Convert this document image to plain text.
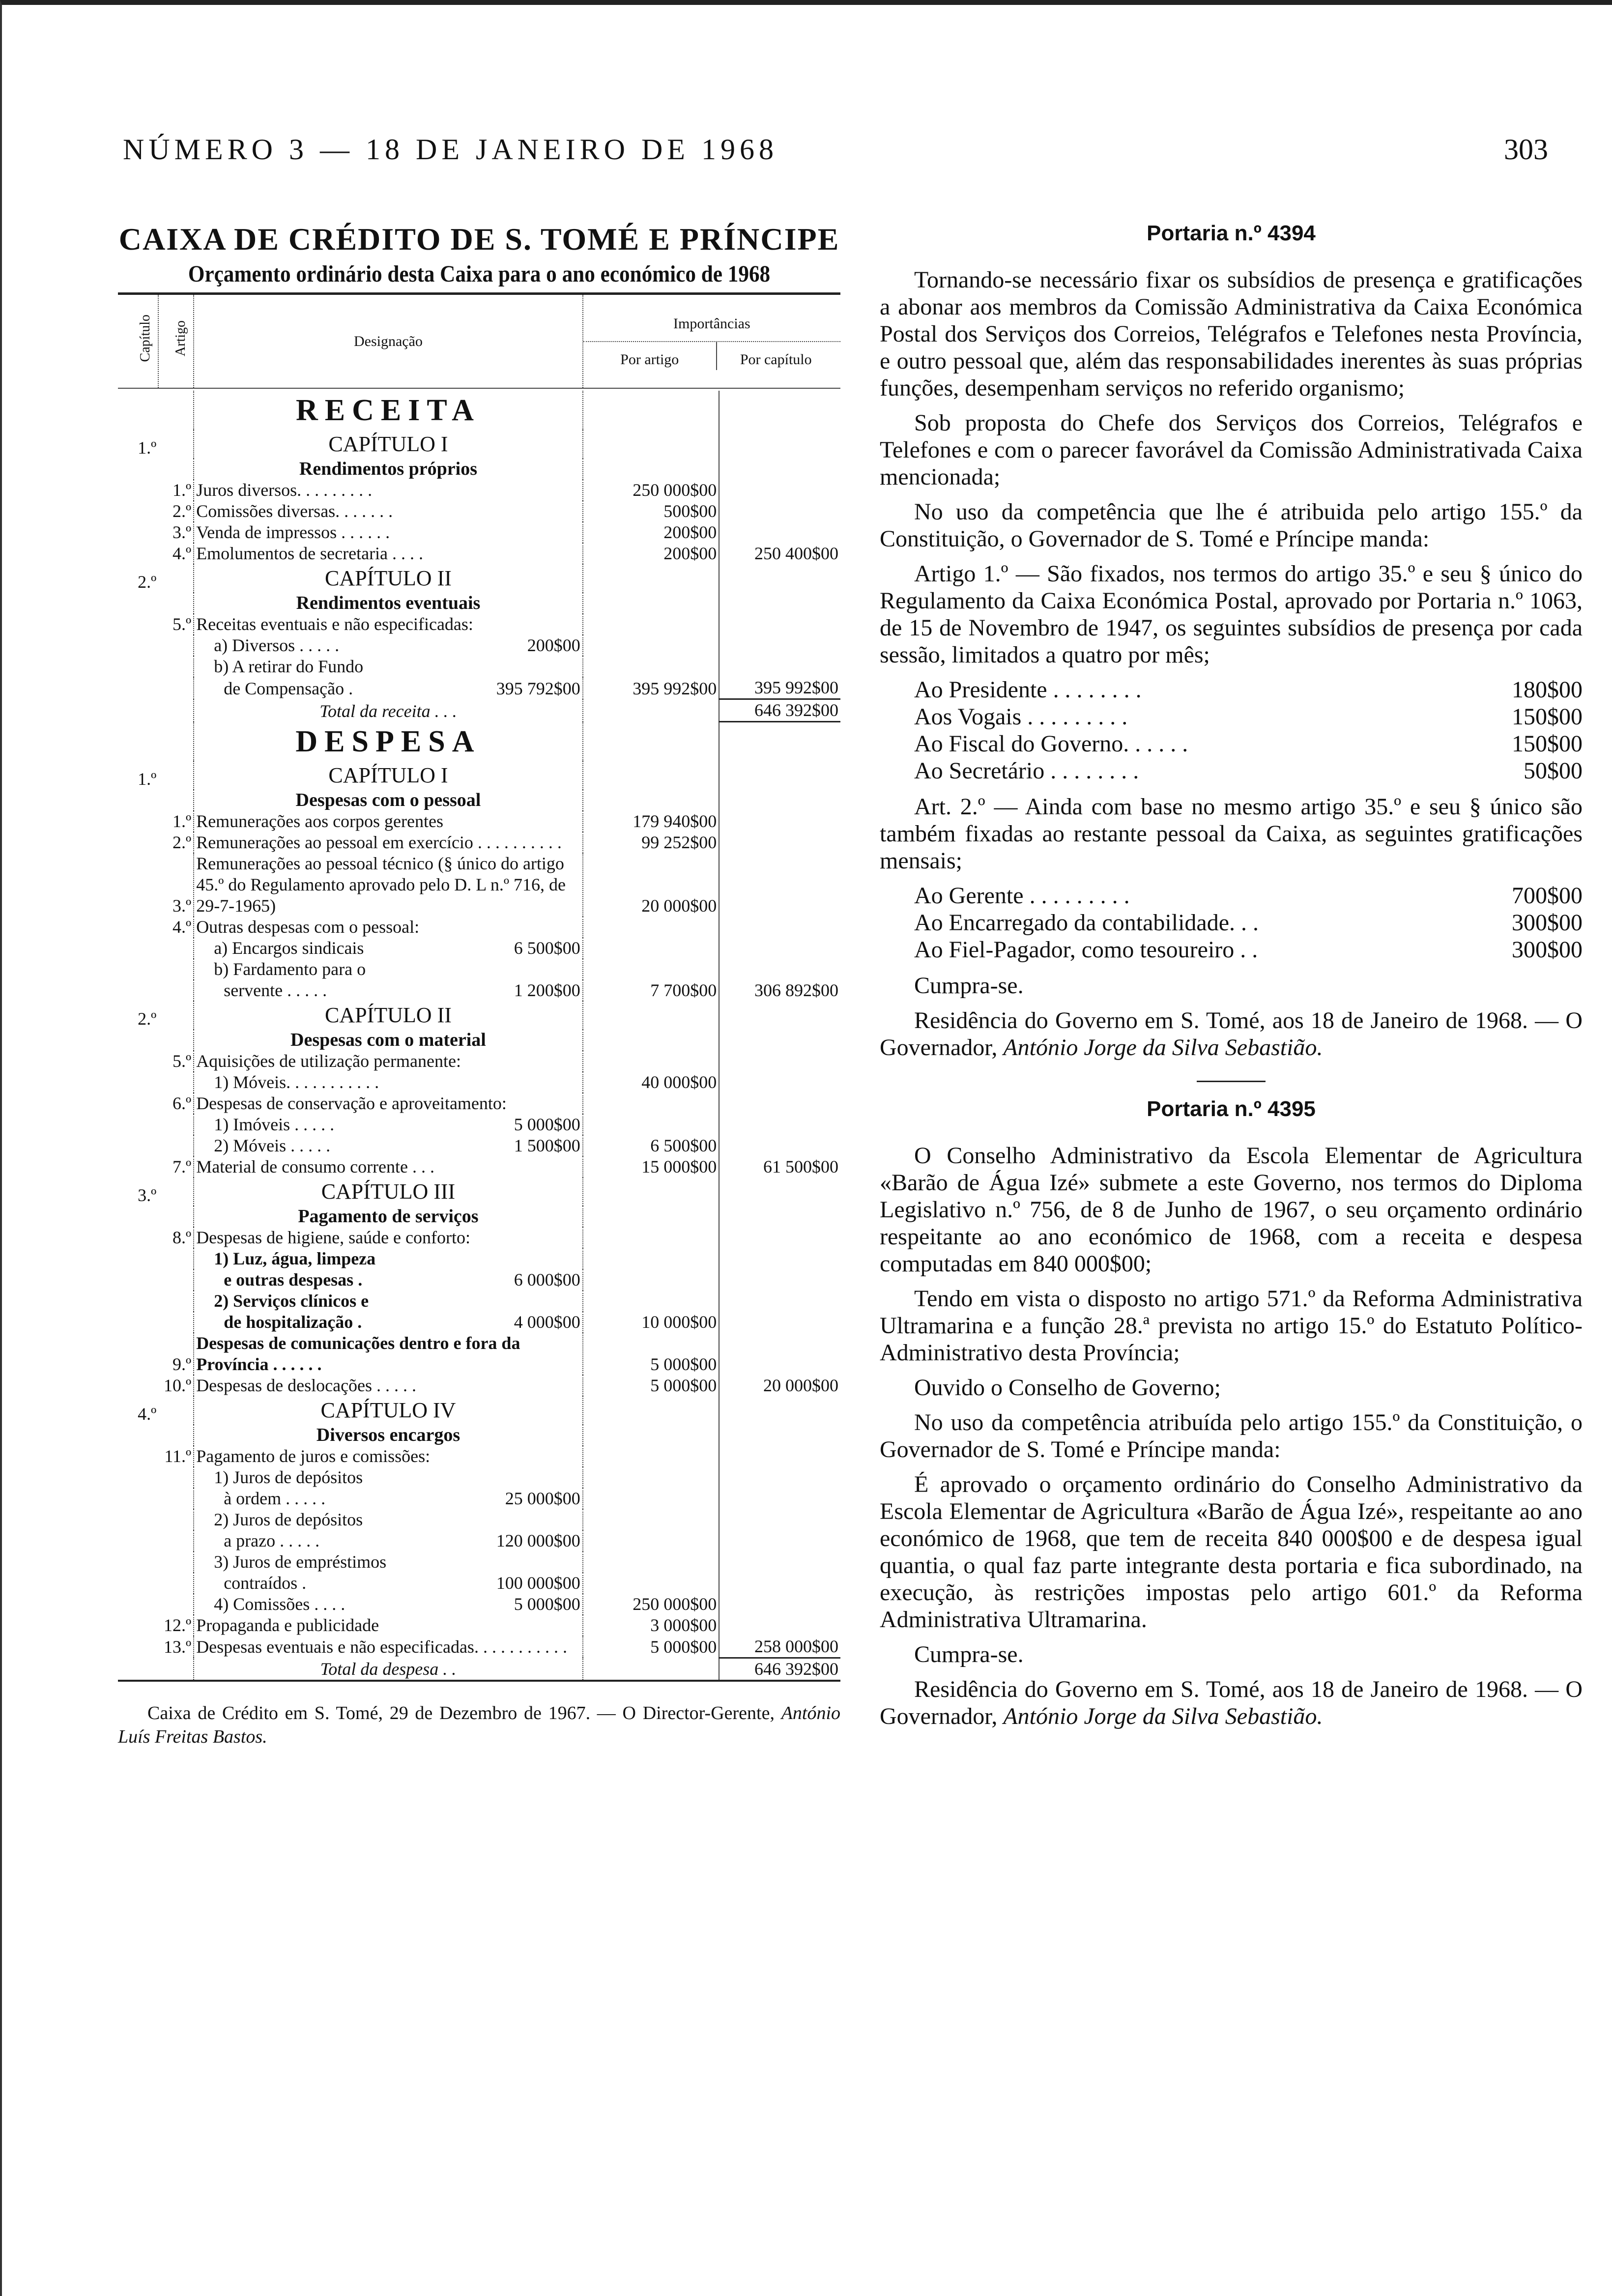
NÚMERO 3 — 18 DE JANEIRO DE 1968	303
CAIXA DE CRÉDITO DE S. TOMÉ E PRÍNCIPE
Orçamento ordinário desta Caixa para o ano económico de 1968
Capítulo	Artigo	Designação	Importâncias
Por artigo Por capítulo	

		RECEITA		
1.º		CAPÍTULO I		
		Rendimentos próprios		
	1.º	Juros diversos. . . . . . . . .	250 000$00	
	2.º	Comissões diversas. . . . . . .	500$00	
	3.º	Venda de impressos . . . . . .	200$00	
	4.º	Emolumentos de secretaria . . . .	200$00	250 400$00
2.º		CAPÍTULO II		
		Rendimentos eventuais		
	5.º	Receitas eventuais e não especificadas:		
		a) Diversos . . . . . 200$00		

		b) A retirar do Fundo		
		de Compensação . 395 792$00	395 992$00	395 992$00
		Total da receita . . .		646 392$00
		DESPESA		
1.º		CAPÍTULO I		
		Despesas com o pessoal		
	1.º	Remunerações aos corpos gerentes	179 940$00	
	2.º	Remunerações ao pessoal em exercício . . . . . . . . . .	99 252$00	
	3.º	Remunerações ao pessoal técnico (§ único do artigo 45.º do Regulamento aprovado pelo D. L n.º 716, de 29-7-1965)	20 000$00	
	4.º	Outras despesas com o pessoal:		
		a) Encargos sindicais 6 500$00		

		b) Fardamento para o		
		servente . . . . . 1 200$00	7 700$00	306 892$00
2.º		CAPÍTULO II		
		Despesas com o material		
	5.º	Aquisições de utilização permanente:		
		1) Móveis. . . . . . . . . . .	40 000$00	
	6.º	Despesas de conservação e aproveitamento:		
		1) Imóveis . . . . . 5 000$00		

		2) Móveis . . . . . 1 500$00	6 500$00	
	7.º	Material de consumo corrente . . .	15 000$00	61 500$00
3.º		CAPÍTULO III		
		Pagamento de serviços		
	8.º	Despesas de higiene, saúde e conforto:		
		1) Luz, água, limpeza		
		e outras despesas . 6 000$00		

		2) Serviços clínicos e		
		de hospitalização . 4 000$00	10 000$00	
	9.º	Despesas de comunicações dentro e fora da Província . . . . . .	5 000$00	
	10.º	Despesas de deslocações . . . . .	5 000$00	20 000$00
4.º		CAPÍTULO IV		
		Diversos encargos		
	11.º	Pagamento de juros e comissões:		
		1) Juros de depósitos		
		à ordem . . . . . 25 000$00		

		2) Juros de depósitos		
		a prazo . . . . . 120 000$00		

		3) Juros de empréstimos		
		contraídos . 100 000$00		

		4) Comissões . . . . 5 000$00	250 000$00	
	12.º	Propaganda e publicidade	3 000$00	
	13.º	Despesas eventuais e não especificadas. . . . . . . . . . .	5 000$00	258 000$00
		Total da despesa . .		646 392$00

Caixa de Crédito em S. Tomé, 29 de Dezembro de 1967. — O Director-Gerente, António Luís Freitas Bastos.
Portaria n.º 4394

Tornando-se necessário fixar os subsídios de presença e gratificações a abonar aos membros da Comissão Administrativa da Caixa Económica Postal dos Serviços dos Correios, Telégrafos e Telefones nesta Província, e outro pessoal que, além das responsabilidades inerentes às suas próprias funções, desempenham serviços no referido organismo;

Sob proposta do Chefe dos Serviços dos Correios, Telégrafos e Telefones e com o parecer favorável da Comissão Administrativada Caixa mencionada;

No uso da competência que lhe é atribuida pelo artigo 155.º da Constituição, o Governador de S. Tomé e Príncipe manda:

Artigo 1.º — São fixados, nos termos do artigo 35.º e seu § único do Regulamento da Caixa Económica Postal, aprovado por Portaria n.º 1063, de 15 de Novembro de 1947, os seguintes subsídios de presença por cada sessão, limitados a quatro por mês;

Ao Presidente . . . . . . . .	180$00
Aos Vogais . . . . . . . . .	150$00
Ao Fiscal do Governo. . . . . .	150$00
Ao Secretário . . . . . . . .	50$00

Art. 2.º — Ainda com base no mesmo artigo 35.º e seu § único são também fixadas ao restante pessoal da Caixa, as seguintes gratificações mensais;

Ao Gerente . . . . . . . . .	700$00
Ao Encarregado da contabilidade. . .	300$00
Ao Fiel-Pagador, como tesoureiro . .	300$00

Cumpra-se.

Residência do Governo em S. Tomé, aos 18 de Janeiro de 1968. — O Governador, António Jorge da Silva Sebastião.

Portaria n.º 4395

O Conselho Administrativo da Escola Elementar de Agricultura «Barão de Água Izé» submete a este Governo, nos termos do Diploma Legislativo n.º 756, de 8 de Junho de 1967, o seu orçamento ordinário respeitante ao ano económico de 1968, com a receita e despesa computadas em 840 000$00;

Tendo em vista o disposto no artigo 571.º da Reforma Administrativa Ultramarina e a função 28.ª prevista no artigo 15.º do Estatuto Político-Administrativo desta Província;

Ouvido o Conselho de Governo;

No uso da competência atribuída pelo artigo 155.º da Constituição, o Governador de S. Tomé e Príncipe manda:

É aprovado o orçamento ordinário do Conselho Administrativo da Escola Elementar de Agricultura «Barão de Água Izé», respeitante ao ano económico de 1968, que tem de receita 840 000$00 e de despesa igual quantia, o qual faz parte integrante desta portaria e fica subordinado, na execução, às restrições impostas pelo artigo 601.º da Reforma Administrativa Ultramarina.

Cumpra-se.

Residência do Governo em S. Tomé, aos 18 de Janeiro de 1968. — O Governador, António Jorge da Silva Sebastião.
